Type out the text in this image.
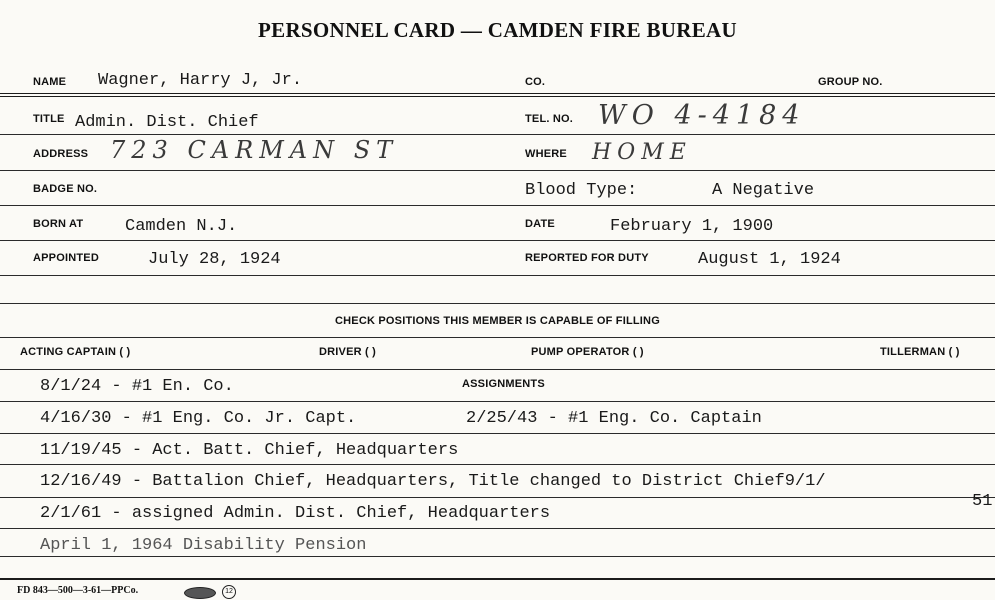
PERSONNEL CARD — CAMDEN FIRE BUREAU
NAME Wagner, Harry J, Jr.	CO.	GROUP NO.
TITLE Admin. Dist. Chief	TEL. NO. WO 4-4184
ADDRESS 723 CARMAN ST	WHERE HOME
BADGE NO.	Blood Type:	A Negative
BORN AT Camden N.J.	DATE	February 1, 1900
APPOINTED	July 28, 1924	REPORTED FOR DUTY	August 1, 1924
CHECK POSITIONS THIS MEMBER IS CAPABLE OF FILLING
ACTING CAPTAIN ( )	DRIVER ( )	PUMP OPERATOR ( )	TILLERMAN ( )
ASSIGNMENTS
8/1/24 - #1 En. Co.
4/16/30 - #1 Eng. Co. Jr. Capt.	2/25/43 - #1 Eng. Co. Captain
11/19/45 - Act. Batt. Chief, Headquarters
12/16/49 - Battalion Chief, Headquarters, Title changed to District Chief9/1/
51
2/1/61 - assigned Admin. Dist. Chief, Headquarters
April 1, 1964 Disability Pension
FD 843—500—3-61—PPCo.	12
